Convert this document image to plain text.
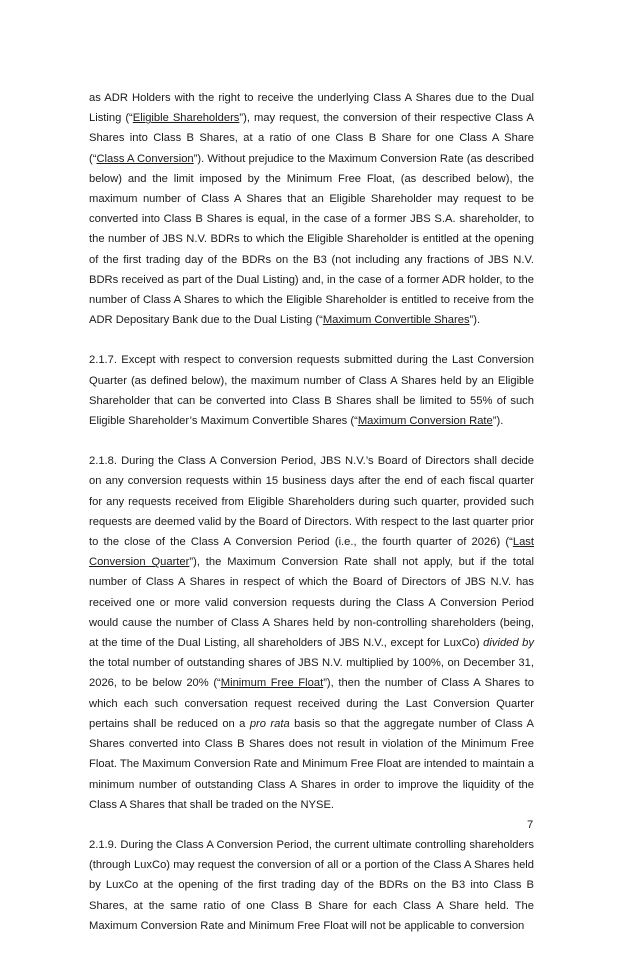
as ADR Holders with the right to receive the underlying Class A Shares due to the Dual Listing (“Eligible Shareholders”), may request, the conversion of their respective Class A Shares into Class B Shares, at a ratio of one Class B Share for one Class A Share (“Class A Conversion”). Without prejudice to the Maximum Conversion Rate (as described below) and the limit imposed by the Minimum Free Float, (as described below), the maximum number of Class A Shares that an Eligible Shareholder may request to be converted into Class B Shares is equal, in the case of a former JBS S.A. shareholder, to the number of JBS N.V. BDRs to which the Eligible Shareholder is entitled at the opening of the first trading day of the BDRs on the B3 (not including any fractions of JBS N.V. BDRs received as part of the Dual Listing) and, in the case of a former ADR holder, to the number of Class A Shares to which the Eligible Shareholder is entitled to receive from the ADR Depositary Bank due to the Dual Listing (“Maximum Convertible Shares”).

2.1.7. Except with respect to conversion requests submitted during the Last Conversion Quarter (as defined below), the maximum number of Class A Shares held by an Eligible Shareholder that can be converted into Class B Shares shall be limited to 55% of such Eligible Shareholder’s Maximum Convertible Shares (“Maximum Conversion Rate”).

2.1.8. During the Class A Conversion Period, JBS N.V.’s Board of Directors shall decide on any conversion requests within 15 business days after the end of each fiscal quarter for any requests received from Eligible Shareholders during such quarter, provided such requests are deemed valid by the Board of Directors. With respect to the last quarter prior to the close of the Class A Conversion Period (i.e., the fourth quarter of 2026) (“Last Conversion Quarter”), the Maximum Conversion Rate shall not apply, but if the total number of Class A Shares in respect of which the Board of Directors of JBS N.V. has received one or more valid conversion requests during the Class A Conversion Period would cause the number of Class A Shares held by non-controlling shareholders (being, at the time of the Dual Listing, all shareholders of JBS N.V., except for LuxCo) divided by the total number of outstanding shares of JBS N.V. multiplied by 100%, on December 31, 2026, to be below 20% (“Minimum Free Float”), then the number of Class A Shares to which each such conversation request received during the Last Conversion Quarter pertains shall be reduced on a pro rata basis so that the aggregate number of Class A Shares converted into Class B Shares does not result in violation of the Minimum Free Float. The Maximum Conversion Rate and Minimum Free Float are intended to maintain a minimum number of outstanding Class A Shares in order to improve the liquidity of the Class A Shares that shall be traded on the NYSE.

2.1.9. During the Class A Conversion Period, the current ultimate controlling shareholders (through LuxCo) may request the conversion of all or a portion of the Class A Shares held by LuxCo at the opening of the first trading day of the BDRs on the B3 into Class B Shares, at the same ratio of one Class B Share for each Class A Share held. The Maximum Conversion Rate and Minimum Free Float will not be applicable to conversion

7
